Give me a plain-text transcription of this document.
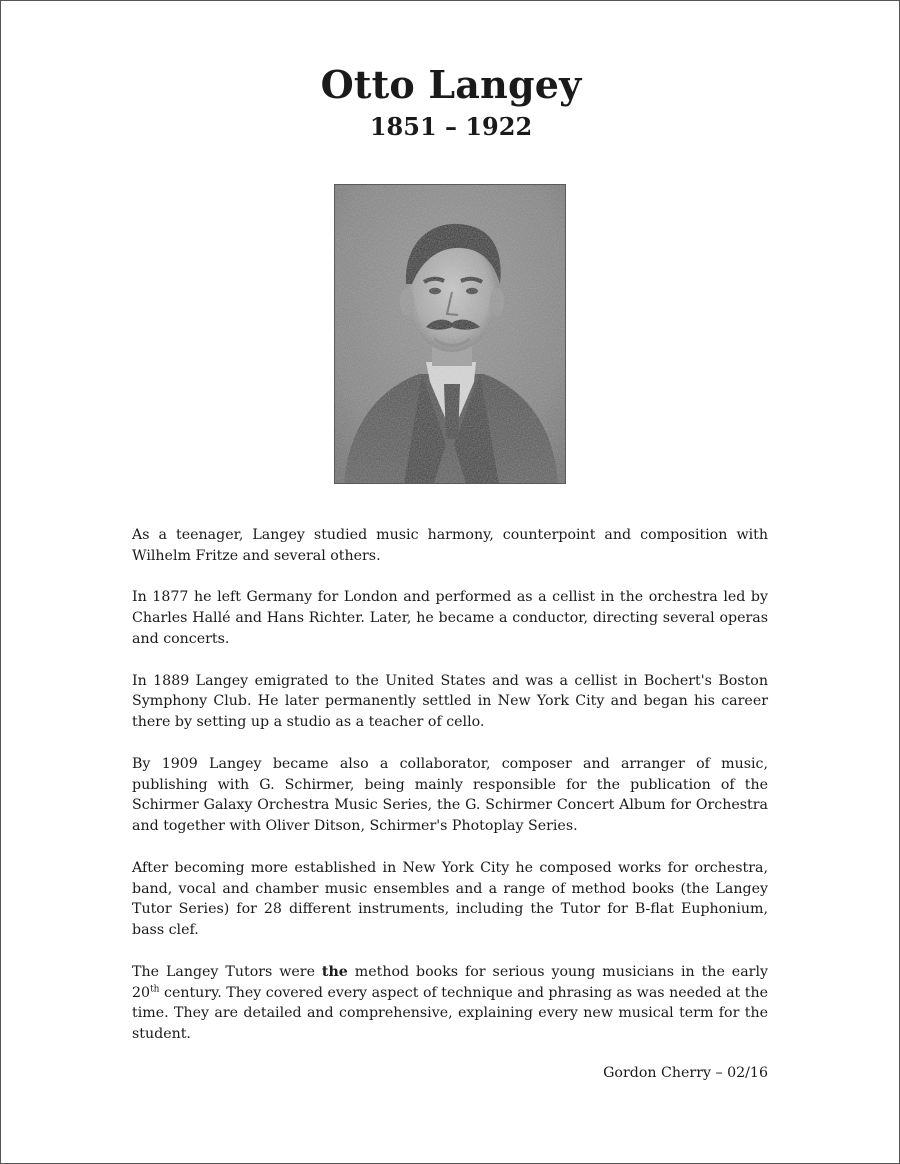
Otto Langey
1851 – 1922

As a teenager, Langey studied music harmony, counterpoint and composition with Wilhelm Fritze and several others.

In 1877 he left Germany for London and performed as a cellist in the orchestra led by Charles Hallé and Hans Richter. Later, he became a conductor, directing several operas and concerts.

In 1889 Langey emigrated to the United States and was a cellist in Bochert's Boston Symphony Club. He later permanently settled in New York City and began his career there by setting up a studio as a teacher of cello.

By 1909 Langey became also a collaborator, composer and arranger of music, publishing with G. Schirmer, being mainly responsible for the publication of the Schirmer Galaxy Orchestra Music Series, the G. Schirmer Concert Album for Orchestra and together with Oliver Ditson, Schirmer's Photoplay Series.

After becoming more established in New York City he composed works for orchestra, band, vocal and chamber music ensembles and a range of method books (the Langey Tutor Series) for 28 different instruments, including the Tutor for B-flat Euphonium, bass clef.

The Langey Tutors were the method books for serious young musicians in the early 20th century. They covered every aspect of technique and phrasing as was needed at the time. They are detailed and comprehensive, explaining every new musical term for the student.

Gordon Cherry – 02/16
